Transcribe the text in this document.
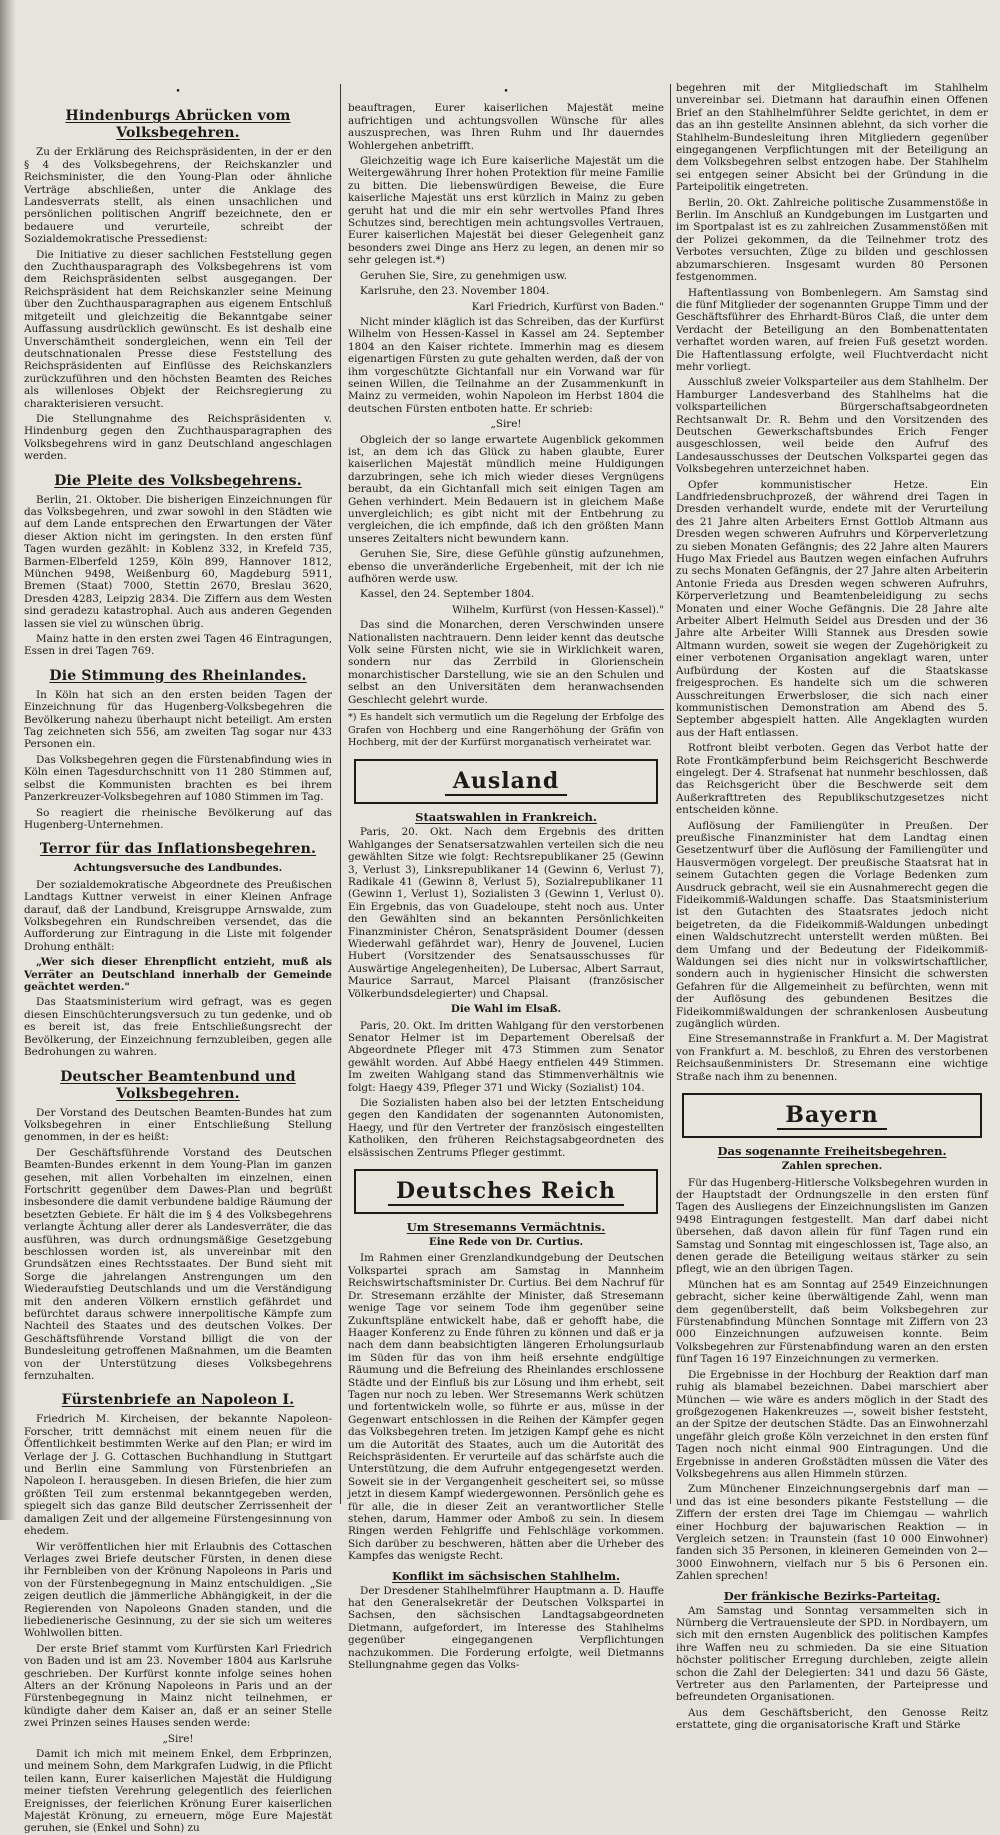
•
Hindenburgs Abrücken vom Volksbegehren.

Zu der Erklärung des Reichspräsidenten, in der er den § 4 des Volksbegehrens, der Reichskanzler und Reichsminister, die den Young-Plan oder ähnliche Verträge abschließen, unter die Anklage des Landesverrats stellt, als einen unsachlichen und persönlichen politischen Angriff bezeichnete, den er bedauere und verurteile, schreibt der Sozialdemokratische Pressedienst:

Die Initiative zu dieser sachlichen Feststellung gegen den Zuchthausparagraph des Volksbegehrens ist vom dem Reichspräsidenten selbst ausgegangen. Der Reichspräsident hat dem Reichskanzler seine Meinung über den Zuchthausparagraphen aus eigenem Entschluß mitgeteilt und gleichzeitig die Bekanntgabe seiner Auffassung ausdrücklich gewünscht. Es ist deshalb eine Unverschämtheit sondergleichen, wenn ein Teil der deutschnationalen Presse diese Feststellung des Reichspräsidenten auf Einflüsse des Reichskanzlers zurückzuführen und den höchsten Beamten des Reiches als willenloses Objekt der Reichsregierung zu charakterisieren versucht.

Die Stellungnahme des Reichspräsidenten v. Hindenburg gegen den Zuchthausparagraphen des Volksbegehrens wird in ganz Deutschland angeschlagen werden.

Die Pleite des Volksbegehrens.

Berlin, 21. Oktober. Die bisherigen Einzeichnungen für das Volksbegehren, und zwar sowohl in den Städten wie auf dem Lande entsprechen den Erwartungen der Väter dieser Aktion nicht im geringsten. In den ersten fünf Tagen wurden gezählt: in Koblenz 332, in Krefeld 735, Barmen-Elberfeld 1259, Köln 899, Hannover 1812, München 9498, Weißenburg 60, Magdeburg 5911, Bremen (Staat) 7000, Stettin 2670, Breslau 3620, Dresden 4283, Leipzig 2834. Die Ziffern aus dem Westen sind geradezu katastrophal. Auch aus anderen Gegenden lassen sie viel zu wünschen übrig.

Mainz hatte in den ersten zwei Tagen 46 Eintragungen, Essen in drei Tagen 769.

Die Stimmung des Rheinlandes.

In Köln hat sich an den ersten beiden Tagen der Einzeichnung für das Hugenberg-Volksbegehren die Bevölkerung nahezu überhaupt nicht beteiligt. Am ersten Tag zeichneten sich 556, am zweiten Tag sogar nur 433 Personen ein.

Das Volksbegehren gegen die Fürstenabfindung wies in Köln einen Tagesdurchschnitt von 11 280 Stimmen auf, selbst die Kommunisten brachten es bei ihrem Panzerkreuzer-Volksbegehren auf 1080 Stimmen im Tag.

So reagiert die rheinische Bevölkerung auf das Hugenberg-Unternehmen.

Terror für das Inflationsbegehren.
Achtungsversuche des Landbundes.

Der sozialdemokratische Abgeordnete des Preußischen Landtags Kuttner verweist in einer Kleinen Anfrage darauf, daß der Landbund, Kreisgruppe Arnswalde, zum Volksbegehren ein Rundschreiben versendet, das die Aufforderung zur Eintragung in die Liste mit folgender Drohung enthält:

„Wer sich dieser Ehrenpflicht entzieht, muß als Verräter an Deutschland innerhalb der Gemeinde geächtet werden."

Das Staatsministerium wird gefragt, was es gegen diesen Einschüchterungsversuch zu tun gedenke, und ob es bereit ist, das freie Entschließungsrecht der Bevölkerung, der Einzeichnung fernzubleiben, gegen alle Bedrohungen zu wahren.

Deutscher Beamtenbund und Volksbegehren.

Der Vorstand des Deutschen Beamten-Bundes hat zum Volksbegehren in einer Entschließung Stellung genommen, in der es heißt:

Der Geschäftsführende Vorstand des Deutschen Beamten-Bundes erkennt in dem Young-Plan im ganzen gesehen, mit allen Vorbehalten im einzelnen, einen Fortschritt gegenüber dem Dawes-Plan und begrüßt insbesondere die damit verbundene baldige Räumung der besetzten Gebiete. Er hält die im § 4 des Volksbegehrens verlangte Ächtung aller derer als Landesverräter, die das ausführen, was durch ordnungsmäßige Gesetzgebung beschlossen worden ist, als unvereinbar mit den Grundsätzen eines Rechtsstaates. Der Bund sieht mit Sorge die jahrelangen Anstrengungen um den Wiederaufstieg Deutschlands und um die Verständigung mit den anderen Völkern ernstlich gefährdet und befürchtet daraus schwere innerpolitische Kämpfe zum Nachteil des Staates und des deutschen Volkes. Der Geschäftsführende Vorstand billigt die von der Bundesleitung getroffenen Maßnahmen, um die Beamten von der Unterstützung dieses Volksbegehrens fernzuhalten.

Fürstenbriefe an Napoleon I.

Friedrich M. Kircheisen, der bekannte Napoleon-Forscher, tritt demnächst mit einem neuen für die Öffentlichkeit bestimmten Werke auf den Plan; er wird im Verlage der J. G. Cottaschen Buchhandlung in Stuttgart und Berlin eine Sammlung von Fürstenbriefen an Napoleon I. herausgeben. In diesen Briefen, die hier zum größten Teil zum erstenmal bekanntgegeben werden, spiegelt sich das ganze Bild deutscher Zerrissenheit der damaligen Zeit und der allgemeine Fürstengesinnung von ehedem.

Wir veröffentlichen hier mit Erlaubnis des Cottaschen Verlages zwei Briefe deutscher Fürsten, in denen diese ihr Fernbleiben von der Krönung Napoleons in Paris und von der Fürstenbegegnung in Mainz entschuldigen. „Sie zeigen deutlich die jämmerliche Abhängigkeit, in der die Regierenden von Napoleons Gnaden standen, und die liebedienerische Gesinnung, zu der sie sich um weiteres Wohlwollen bitten.

Der erste Brief stammt vom Kurfürsten Karl Friedrich von Baden und ist am 23. November 1804 aus Karlsruhe geschrieben. Der Kurfürst konnte infolge seines hohen Alters an der Krönung Napoleons in Paris und an der Fürstenbegegnung in Mainz nicht teilnehmen, er kündigte daher dem Kaiser an, daß er an seiner Stelle zwei Prinzen seines Hauses senden werde:

„Sire!

Damit ich mich mit meinem Enkel, dem Erbprinzen, und meinem Sohn, dem Markgrafen Ludwig, in die Pflicht teilen kann, Eurer kaiserlichen Majestät die Huldigung meiner tiefsten Verehrung gelegentlich des feierlichen Ereignisses, der feierlichen Krönung Eurer kaiserlichen Majestät Krönung, zu erneuern, möge Eure Majestät geruhen, sie (Enkel und Sohn) zu

•

beauftragen, Eurer kaiserlichen Majestät meine aufrichtigen und achtungsvollen Wünsche für alles auszusprechen, was Ihren Ruhm und Ihr dauerndes Wohlergehen anbetrifft.

Gleichzeitig wage ich Eure kaiserliche Majestät um die Weitergewährung Ihrer hohen Protektion für meine Familie zu bitten. Die liebenswürdigen Beweise, die Eure kaiserliche Majestät uns erst kürzlich in Mainz zu geben geruht hat und die mir ein sehr wertvolles Pfand Ihres Schutzes sind, berechtigen mein achtungsvolles Vertrauen, Eurer kaiserlichen Majestät bei dieser Gelegenheit ganz besonders zwei Dinge ans Herz zu legen, an denen mir so sehr gelegen ist.*)

Geruhen Sie, Sire, zu genehmigen usw.

Karlsruhe, den 23. November 1804.

Karl Friedrich, Kurfürst von Baden."

Nicht minder kläglich ist das Schreiben, das der Kurfürst Wilhelm von Hessen-Kassel in Kassel am 24. September 1804 an den Kaiser richtete. Immerhin mag es diesem eigenartigen Fürsten zu gute gehalten werden, daß der von ihm vorgeschützte Gichtanfall nur ein Vorwand war für seinen Willen, die Teilnahme an der Zusammenkunft in Mainz zu vermeiden, wohin Napoleon im Herbst 1804 die deutschen Fürsten entboten hatte. Er schrieb:

„Sire!

Obgleich der so lange erwartete Augenblick gekommen ist, an dem ich das Glück zu haben glaubte, Eurer kaiserlichen Majestät mündlich meine Huldigungen darzubringen, sehe ich mich wieder dieses Vergnügens beraubt, da ein Gichtanfall mich seit einigen Tagen am Gehen verhindert. Mein Bedauern ist in gleichem Maße unvergleichlich; es gibt nicht mit der Entbehrung zu vergleichen, die ich empfinde, daß ich den größten Mann unseres Zeitalters nicht bewundern kann.

Geruhen Sie, Sire, diese Gefühle günstig aufzunehmen, ebenso die unveränderliche Ergebenheit, mit der ich nie aufhören werde usw.

Kassel, den 24. September 1804.

Wilhelm, Kurfürst (von Hessen-Kassel)."

Das sind die Monarchen, deren Verschwinden unsere Nationalisten nachtrauern. Denn leider kennt das deutsche Volk seine Fürsten nicht, wie sie in Wirklichkeit waren, sondern nur das Zerrbild in Glorienschein monarchistischer Darstellung, wie sie an den Schulen und selbst an den Universitäten dem heranwachsenden Geschlecht gelehrt wurde.

*) Es handelt sich vermutlich um die Regelung der Erbfolge des Grafen von Hochberg und eine Rangerhöhung der Gräfin von Hochberg, mit der der Kurfürst morganatisch verheiratet war.

Ausland
Staatswahlen in Frankreich.

Paris, 20. Okt. Nach dem Ergebnis des dritten Wahlganges der Senatsersatzwahlen verteilen sich die neu gewählten Sitze wie folgt: Rechtsrepublikaner 25 (Gewinn 3, Verlust 3), Linksrepublikaner 14 (Gewinn 6, Verlust 7), Radikale 41 (Gewinn 8, Verlust 5), Sozialrepublikaner 11 (Gewinn 1, Verlust 1), Sozialisten 3 (Gewinn 1, Verlust 0). Ein Ergebnis, das von Guadeloupe, steht noch aus. Unter den Gewählten sind an bekannten Persönlichkeiten Finanzminister Chéron, Senatspräsident Doumer (dessen Wiederwahl gefährdet war), Henry de Jouvenel, Lucien Hubert (Vorsitzender des Senatsausschusses für Auswärtige Angelegenheiten), De Lubersac, Albert Sarraut, Maurice Sarraut, Marcel Plaisant (französischer Völkerbundsdelegierter) und Chapsal.

Die Wahl im Elsaß.

Paris, 20. Okt. Im dritten Wahlgang für den verstorbenen Senator Helmer ist im Departement Oberelsaß der Abgeordnete Pfleger mit 473 Stimmen zum Senator gewählt worden. Auf Abbé Haegy entfielen 449 Stimmen. Im zweiten Wahlgang stand das Stimmenverhältnis wie folgt: Haegy 439, Pfleger 371 und Wicky (Sozialist) 104.

Die Sozialisten haben also bei der letzten Entscheidung gegen den Kandidaten der sogenannten Autonomisten, Haegy, und für den Vertreter der französisch eingestellten Katholiken, den früheren Reichstagsabgeordneten des elsässischen Zentrums Pfleger gestimmt.

Deutsches Reich
Um Stresemanns Vermächtnis.
Eine Rede von Dr. Curtius.

Im Rahmen einer Grenzlandkundgebung der Deutschen Volkspartei sprach am Samstag in Mannheim Reichswirtschaftsminister Dr. Curtius. Bei dem Nachruf für Dr. Stresemann erzählte der Minister, daß Stresemann wenige Tage vor seinem Tode ihm gegenüber seine Zukunftspläne entwickelt habe, daß er gehofft habe, die Haager Konferenz zu Ende führen zu können und daß er ja nach dem dann beabsichtigten längeren Erholungsurlaub im Süden für das von ihm heiß ersehnte endgültige Räumung und die Befreiung des Rheinlandes erschlossene Städte und der Einfluß bis zur Lösung und ihm erhebt, seit Tagen nur noch zu leben. Wer Stresemanns Werk schützen und fortentwickeln wolle, so führte er aus, müsse in der Gegenwart entschlossen in die Reihen der Kämpfer gegen das Volksbegehren treten. Im jetzigen Kampf gehe es nicht um die Autorität des Staates, auch um die Autorität des Reichspräsidenten. Er verurteile auf das schärfste auch die Unterstützung, die dem Aufruhr entgegengesetzt werden. Soweit sie in der Vergangenheit gescheitert sei, so müsse jetzt in diesem Kampf wiedergewonnen. Persönlich gehe es für alle, die in dieser Zeit an verantwortlicher Stelle stehen, darum, Hammer oder Amboß zu sein. In diesem Ringen werden Fehlgriffe und Fehlschläge vorkommen. Sich darüber zu beschweren, hätten aber die Urheber des Kampfes das wenigste Recht.

Konflikt im sächsischen Stahlhelm.

Der Dresdener Stahlhelmführer Hauptmann a. D. Hauffe hat den Generalsekretär der Deutschen Volkspartei in Sachsen, den sächsischen Landtagsabgeordneten Dietmann, aufgefordert, im Interesse des Stahlhelms gegenüber eingegangenen Verpflichtungen nachzukommen. Die Forderung erfolgte, weil Dietmanns Stellungnahme gegen das Volks-

begehren mit der Mitgliedschaft im Stahlhelm unvereinbar sei. Dietmann hat daraufhin einen Offenen Brief an den Stahlhelmführer Seldte gerichtet, in dem er das an ihn gestellte Ansinnen ablehnt, da sich vorher die Stahlhelm-Bundesleitung ihren Mitgliedern gegenüber eingegangenen Verpflichtungen mit der Beteiligung an dem Volksbegehren selbst entzogen habe. Der Stahlhelm sei entgegen seiner Absicht bei der Gründung in die Parteipolitik eingetreten.

Berlin, 20. Okt. Zahlreiche politische Zusammenstöße in Berlin. Im Anschluß an Kundgebungen im Lustgarten und im Sportpalast ist es zu zahlreichen Zusammenstößen mit der Polizei gekommen, da die Teilnehmer trotz des Verbotes versuchten, Züge zu bilden und geschlossen abzumarschieren. Insgesamt wurden 80 Personen festgenommen.

Haftentlassung von Bombenlegern. Am Samstag sind die fünf Mitglieder der sogenannten Gruppe Timm und der Geschäftsführer des Ehrhardt-Büros Claß, die unter dem Verdacht der Beteiligung an den Bombenattentaten verhaftet worden waren, auf freien Fuß gesetzt worden. Die Haftentlassung erfolgte, weil Fluchtverdacht nicht mehr vorliegt.

Ausschluß zweier Volksparteiler aus dem Stahlhelm. Der Hamburger Landesverband des Stahlhelms hat die volksparteilichen Bürgerschaftsabgeordneten Rechtsanwalt Dr. R. Behm und den Vorsitzenden des Deutschen Gewerkschaftsbundes Erich Fenger ausgeschlossen, weil beide den Aufruf des Landesausschusses der Deutschen Volkspartei gegen das Volksbegehren unterzeichnet haben.

Opfer kommunistischer Hetze. Ein Landfriedensbruchprozeß, der während drei Tagen in Dresden verhandelt wurde, endete mit der Verurteilung des 21 Jahre alten Arbeiters Ernst Gottlob Altmann aus Dresden wegen schweren Aufruhrs und Körperverletzung zu sieben Monaten Gefängnis; des 22 Jahre alten Maurers Hugo Max Friedel aus Bautzen wegen einfachen Aufruhrs zu sechs Monaten Gefängnis, der 27 Jahre alten Arbeiterin Antonie Frieda aus Dresden wegen schweren Aufruhrs, Körperverletzung und Beamtenbeleidigung zu sechs Monaten und einer Woche Gefängnis. Die 28 Jahre alte Arbeiter Albert Helmuth Seidel aus Dresden und der 36 Jahre alte Arbeiter Willi Stannek aus Dresden sowie Altmann wurden, soweit sie wegen der Zugehörigkeit zu einer verbotenen Organisation angeklagt waren, unter Aufbürdung der Kosten auf die Staatskasse freigesprochen. Es handelte sich um die schweren Ausschreitungen Erwerbsloser, die sich nach einer kommunistischen Demonstration am Abend des 5. September abgespielt hatten. Alle Angeklagten wurden aus der Haft entlassen.

Rotfront bleibt verboten. Gegen das Verbot hatte der Rote Frontkämpferbund beim Reichsgericht Beschwerde eingelegt. Der 4. Strafsenat hat nunmehr beschlossen, daß das Reichsgericht über die Beschwerde seit dem Außerkrafttreten des Republikschutzgesetzes nicht entscheiden könne.

Auflösung der Familiengüter in Preußen. Der preußische Finanzminister hat dem Landtag einen Gesetzentwurf über die Auflösung der Familiengüter und Hausvermögen vorgelegt. Der preußische Staatsrat hat in seinem Gutachten gegen die Vorlage Bedenken zum Ausdruck gebracht, weil sie ein Ausnahmerecht gegen die Fideikommiß-Waldungen schaffe. Das Staatsministerium ist den Gutachten des Staatsrates jedoch nicht beigetreten, da die Fideikommiß-Waldungen unbedingt einen Waldschutzrecht unterstellt werden müßten. Bei dem Umfang und der Bedeutung der Fideikommiß-Waldungen sei dies nicht nur in volkswirtschaftlicher, sondern auch in hygienischer Hinsicht die schwersten Gefahren für die Allgemeinheit zu befürchten, wenn mit der Auflösung des gebundenen Besitzes die Fideikommißwaldungen der schrankenlosen Ausbeutung zugänglich würden.

Eine Stresemannstraße in Frankfurt a. M. Der Magistrat von Frankfurt a. M. beschloß, zu Ehren des verstorbenen Reichsaußenministers Dr. Stresemann eine wichtige Straße nach ihm zu benennen.

Bayern
Das sogenannte Freiheitsbegehren.
Zahlen sprechen.

Für das Hugenberg-Hitlersche Volksbegehren wurden in der Hauptstadt der Ordnungszelle in den ersten fünf Tagen des Ausliegens der Einzeichnungslisten im Ganzen 9498 Eintragungen festgestellt. Man darf dabei nicht übersehen, daß davon allein für fünf Tagen rund ein Samstag und Sonntag mit eingeschlossen ist, Tage also, an denen gerade die Beteiligung weitaus stärker zu sein pflegt, wie an den übrigen Tagen.

München hat es am Sonntag auf 2549 Einzeichnungen gebracht, sicher keine überwältigende Zahl, wenn man dem gegenüberstellt, daß beim Volksbegehren zur Fürstenabfindung München Sonntage mit Ziffern von 23 000 Einzeichnungen aufzuweisen konnte. Beim Volksbegehren zur Fürstenabfindung waren an den ersten fünf Tagen 16 197 Einzeichnungen zu vermerken.

Die Ergebnisse in der Hochburg der Reaktion darf man ruhig als blamabel bezeichnen. Dabei marschiert aber München — wie wäre es anders möglich in der Stadt des großgezogenen Hakenkreuzes —, soweit bisher feststeht, an der Spitze der deutschen Städte. Das an Einwohnerzahl ungefähr gleich große Köln verzeichnet in den ersten fünf Tagen noch nicht einmal 900 Eintragungen. Und die Ergebnisse in anderen Großstädten müssen die Väter des Volksbegehrens aus allen Himmeln stürzen.

Zum Münchener Einzeichnungsergebnis darf man — und das ist eine besonders pikante Feststellung — die Ziffern der ersten drei Tage im Chiemgau — wahrlich einer Hochburg der bajuwarischen Reaktion — in Vergleich setzen: in Traunstein (fast 10 000 Einwohner) fanden sich 35 Personen, in kleineren Gemeinden von 2—3000 Einwohnern, vielfach nur 5 bis 6 Personen ein. Zahlen sprechen!

Der fränkische Bezirks-Parteitag.

Am Samstag und Sonntag versammelten sich in Nürnberg die Vertrauensleute der SPD. in Nordbayern, um sich mit den ernsten Augenblick des politischen Kampfes ihre Waffen neu zu schmieden. Da sie eine Situation höchster politischer Erregung durchleben, zeigte allein schon die Zahl der Delegierten: 341 und dazu 56 Gäste, Vertreter aus den Parlamenten, der Parteipresse und befreundeten Organisationen.

Aus dem Geschäftsbericht, den Genosse Reitz erstattete, ging die organisatorische Kraft und Stärke
